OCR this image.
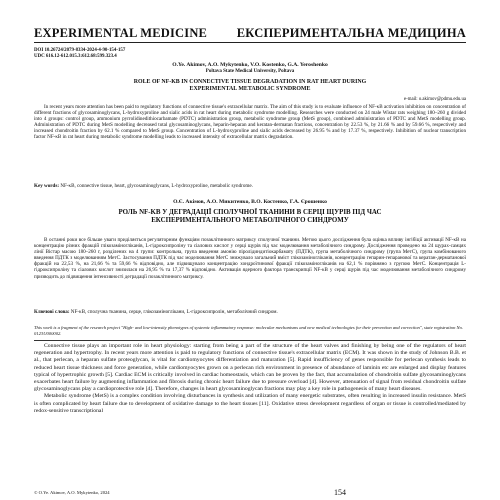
EXPERIMENTAL MEDICINE ЕКСПЕРИМЕНТАЛЬНА МЕДИЦИНА
DOI 10.26724/2079-8334-2024-4-90-154-157
UDC 616.12-612.015.3:612.68:599.323.4
O.Ye. Akimov, A.O. Mykytenko, V.O. Kostenko, G.A. Yeroshenko
Poltava State Medical University, Poltava
ROLE OF NF-KB IN CONNECTIVE TISSUE DEGRADATION IN RAT HEART DURING
EXPERIMENTAL METABOLIC SYNDROME
e-mail: o.akimov@pdmu.edu.ua
In recent years more attention has been paid to regulatory functions of connective tissue's extracellular matrix. The aim of this study is to evaluate influence of NF-κB activation inhibition on concentration of different fractions of glycosaminoglycans, L-hydroxyproline and sialic acids in rat heart during metabolic syndrome modelling. Researches were conducted on 24 male Wistar rats weighing 180–260 g divided into 4 groups: control group, ammonium pyrrolidinedithiocarbamate (PDTC) administration group, metabolic syndrome group (MetS group), combined administration of PDTC and MetS modelling group. Administration of PDTC during MetS modelling decreased total glycosaminoglycans, heparin-heparan and keratan-dermatan fractions, concentration by 22.53 %, by 21.66 % and by 59.66 %, respectively and increased chondroitin fraction by 62.1 % compared to MetS group. Concentration of L-hydroxyproline and sialic acids decreased by 26.95 % and by 17.37 %, respectively. Inhibition of nuclear transcription factor NF-κB in rat heart during metabolic syndrome modelling leads to increased intensity of extracellular matrix degradation.
Key words: NF-κB, connective tissue, heart, glycosaminoglycans, L-hydroxyproline, metabolic syndrome.
О.Є. Акімов, А.О. Микитенко, В.О. Костенко, Г.А. Єрошенко
РОЛЬ NF-KB У ДЕГРАДАЦІЇ СПОЛУЧНОЇ ТКАНИНИ В СЕРЦІ ЩУРІВ ПІД ЧАС
ЕКСПЕРИМЕНТАЛЬНОГО МЕТАБОЛІЧНОГО СИНДРОМУ
В останні роки все більше уваги приділяється регуляторним функціям позаклітинного матриксу сполучної тканини. Метою цього дослідження була оцінка впливу інгібіції активації NF-κB на концентрацію різних фракцій глікозаміногліканів, L-гідроксипроліну та сіалових кислот у серці щурів під час моделювання метаболічного синдрому. Дослідження проведено на 24 щурах-самцях лінії Вістар масою 180–260 г, розділених на 4 групи: контрольна, група введення амонію піролідиндитіокарбамату (ПДТК), група метаболічного синдрому (група МетС), група комбінованого введення ПДТК з моделюванням МетС. Застосування ПДТК під час моделювання МетС знижувало загальний вміст глікозаміногліканів, концентрацію гепарин-гепаранової та кератан-дерматанової фракцій на 22,53 %, на 21,66 % та 59,66 % відповідно, але підвищувало концентрацію хондроїтинової фракції глікозаміногліканів на 62,1 % порівняно з групою МетС. Концентрація L-гідроксипроліну та сіалових кислот знизилася на 26,95 % та 17,37 % відповідно. Активація ядерного фактора транскрипції NF-κB у серці щурів під час моделювання метаболічного синдрому призводить до підвищення інтенсивності деградації позаклітинного матриксу.
Ключові слова: NF-κB, сполучна тканина, серце, глікозаміноглікани, L-гідроксипролін, метаболічний синдром.
This work is a fragment of the research project "High- and low-intensity phenotypes of systemic inflammatory response: molecular mechanisms and new medical technologies for their prevention and correction", state registration No. 0123U000002.

Connective tissue plays an important role in heart physiology: starting from being a part of the structure of the heart valves and finishing by being one of the regulators of heart regeneration and hypertrophy. In recent years more attention is paid to regulatory functions of connective tissue's extracellular matrix (ECM). It was shown in the study of Johnson B.B. et al., that perlecan, a heparan sulfate proteoglycan, is vital for cardiomyocytes differentiation and maturation [5]. Rapid insufficiency of genes responsible for perlecan synthesis leads to reduced heart tissue thickness and force generation, while cardiomyocytes grown on a perlecan rich environment in presence of abundance of laminin etc are enlarged and display features typical of hypertrophic growth [5]. Cardiac ECM is critically involved in cardiac homeostasis, which can be proven by the fact, that accumulation of chondroitin sulfate glycosaminoglycans exacerbates heart failure by augmenting inflammation and fibrosis during chronic heart failure due to pressure overload [4]. However, attenuation of signal from residual chondroitin sulfate glycosaminoglycans play a cardioprotective role [4]. Therefore, changes in heart glycosaminoglycan fractions may play a key role in pathogenesis of many heart diseases.

Metabolic syndrome (MetS) is a complex condition involving disturbances in synthesis and utilization of many energetic substrates, often resulting in increased insulin resistance. MetS is often complicated by heart failure due to development of oxidative damage to the heart tissues [11]. Oxidative stress development regardless of organ or tissue is controlled/mediated by redox-sensitive transcriptional

© O.Ye. Akimov, A.O. Mykytenko, 2024	154
